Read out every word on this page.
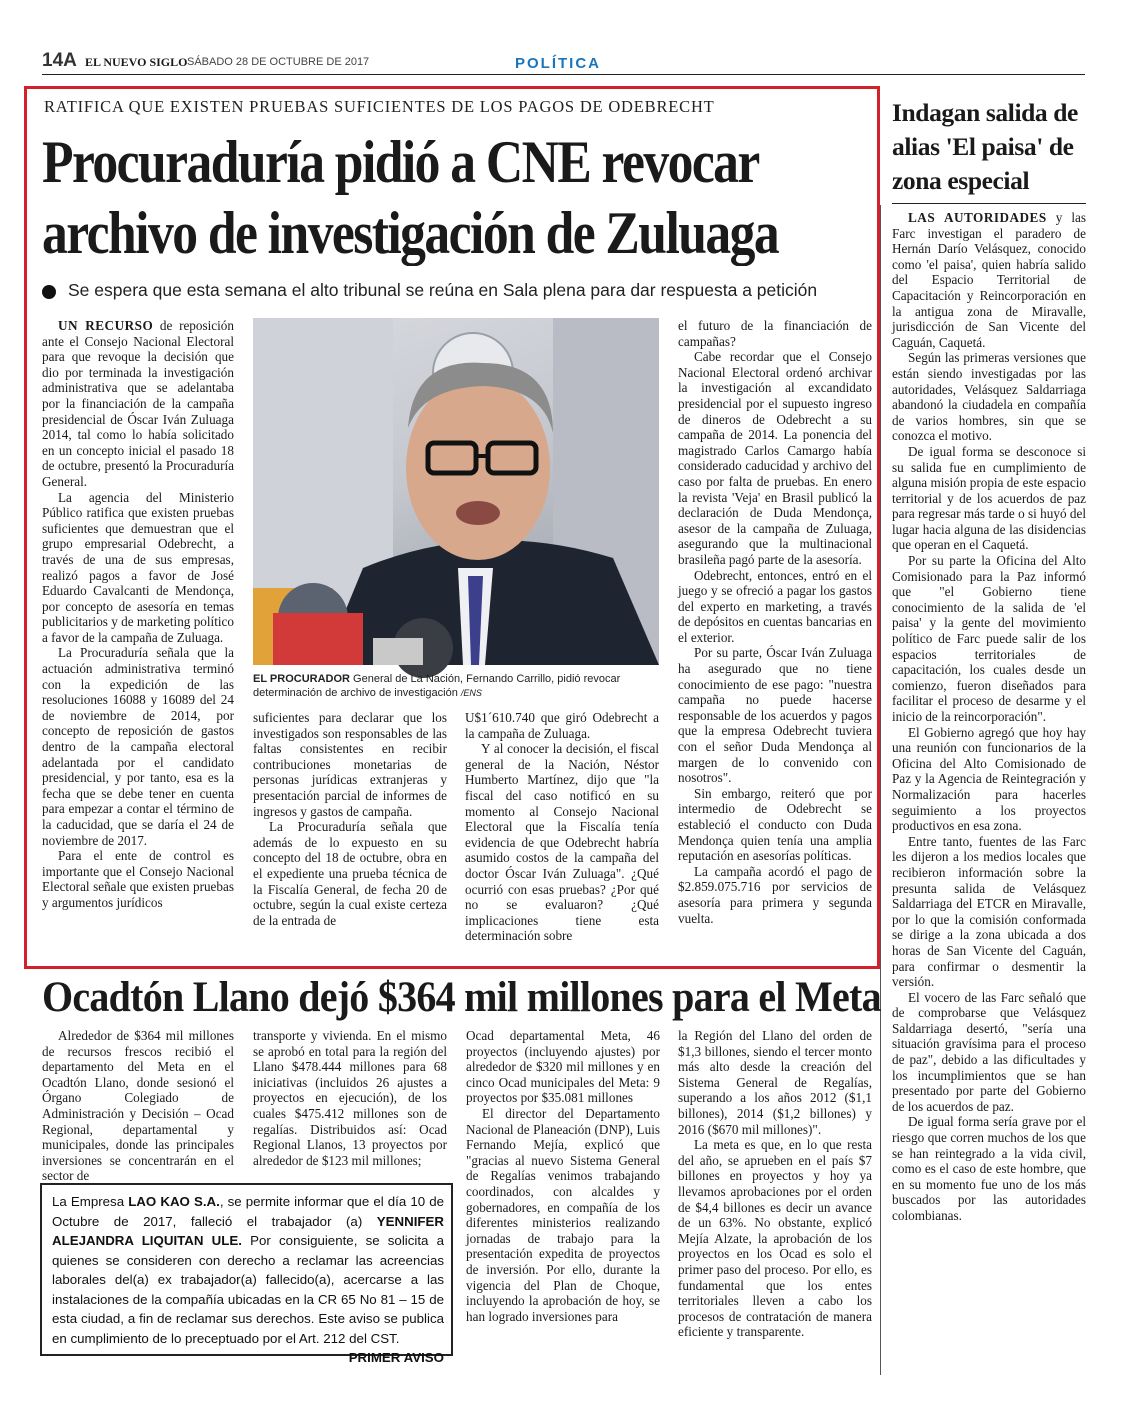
14A EL NUEVO SIGLO SÁBADO 28 DE OCTUBRE DE 2017	POLÍTICA
RATIFICA QUE EXISTEN PRUEBAS SUFICIENTES DE LOS PAGOS DE ODEBRECHT
Procuraduría pidió a CNE revocar
archivo de investigación de Zuluaga
Se espera que esta semana el alto tribunal se reúna en Sala plena para dar respuesta a petición
EL PROCURADOR General de La Nación, Fernando Carrillo, pidió revocar determinación de archivo de investigación /ENS

UN RECURSO de reposición ante el Consejo Nacional Electoral para que revoque la decisión que dio por terminada la investigación administrativa que se adelantaba por la financiación de la campaña presidencial de Óscar Iván Zuluaga 2014, tal como lo había solicitado en un concepto inicial el pasado 18 de octubre, presentó la Procuraduría General.

La agencia del Ministerio Público ratifica que existen pruebas suficientes que demuestran que el grupo empresarial Odebrecht, a través de una de sus empresas, realizó pagos a favor de José Eduardo Cavalcanti de Mendonça, por concepto de asesoría en temas publicitarios y de marketing político a favor de la campaña de Zuluaga.

La Procuraduría señala que la actuación administrativa terminó con la expedición de las resoluciones 16088 y 16089 del 24 de noviembre de 2014, por concepto de reposición de gastos dentro de la campaña electoral adelantada por el candidato presidencial, y por tanto, esa es la fecha que se debe tener en cuenta para empezar a contar el término de la caducidad, que se daría el 24 de noviembre de 2017.

Para el ente de control es importante que el Consejo Nacional Electoral señale que existen pruebas y argumentos jurídicos

suficientes para declarar que los investigados son responsables de las faltas consistentes en recibir contribuciones monetarias de personas jurídicas extranjeras y presentación parcial de informes de ingresos y gastos de campaña.

La Procuraduría señala que además de lo expuesto en su concepto del 18 de octubre, obra en el expediente una prueba técnica de la Fiscalía General, de fecha 20 de octubre, según la cual existe certeza de la entrada de

U$1´610.740 que giró Odebrecht a la campaña de Zuluaga.

Y al conocer la decisión, el fiscal general de la Nación, Néstor Humberto Martínez, dijo que "la fiscal del caso notificó en su momento al Consejo Nacional Electoral que la Fiscalía tenía evidencia de que Odebrecht habría asumido costos de la campaña del doctor Óscar Iván Zuluaga". ¿Qué ocurrió con esas pruebas? ¿Por qué no se evaluaron? ¿Qué implicaciones tiene esta determinación sobre

el futuro de la financiación de campañas?

Cabe recordar que el Consejo Nacional Electoral ordenó archivar la investigación al excandidato presidencial por el supuesto ingreso de dineros de Odebrecht a su campaña de 2014. La ponencia del magistrado Carlos Camargo había considerado caducidad y archivo del caso por falta de pruebas. En enero la revista 'Veja' en Brasil publicó la declaración de Duda Mendonça, asesor de la campaña de Zuluaga, asegurando que la multinacional brasileña pagó parte de la asesoría.

Odebrecht, entonces, entró en el juego y se ofreció a pagar los gastos del experto en marketing, a través de depósitos en cuentas bancarias en el exterior.

Por su parte, Óscar Iván Zuluaga ha asegurado que no tiene conocimiento de ese pago: "nuestra campaña no puede hacerse responsable de los acuerdos y pagos que la empresa Odebrecht tuviera con el señor Duda Mendonça al margen de lo convenido con nosotros".

Sin embargo, reiteró que por intermedio de Odebrecht se estableció el conducto con Duda Mendonça quien tenía una amplia reputación en asesorías políticas.

La campaña acordó el pago de $2.859.075.716 por servicios de asesoría para primera y segunda vuelta.

Indagan salida de alias 'El paisa' de zona especial

LAS AUTORIDADES y las Farc investigan el paradero de Hernán Darío Velásquez, conocido como 'el paisa', quien habría salido del Espacio Territorial de Capacitación y Reincorporación en la antigua zona de Miravalle, jurisdicción de San Vicente del Caguán, Caquetá.

Según las primeras versiones que están siendo investigadas por las autoridades, Velásquez Saldarriaga abandonó la ciudadela en compañía de varios hombres, sin que se conozca el motivo.

De igual forma se desconoce si su salida fue en cumplimiento de alguna misión propia de este espacio territorial y de los acuerdos de paz para regresar más tarde o si huyó del lugar hacia alguna de las disidencias que operan en el Caquetá.

Por su parte la Oficina del Alto Comisionado para la Paz informó que "el Gobierno tiene conocimiento de la salida de 'el paisa' y la gente del movimiento político de Farc puede salir de los espacios territoriales de capacitación, los cuales desde un comienzo, fueron diseñados para facilitar el proceso de desarme y el inicio de la reincorporación".

El Gobierno agregó que hoy hay una reunión con funcionarios de la Oficina del Alto Comisionado de Paz y la Agencia de Reintegración y Normalización para hacerles seguimiento a los proyectos productivos en esa zona.

Entre tanto, fuentes de las Farc les dijeron a los medios locales que recibieron información sobre la presunta salida de Velásquez Saldarriaga del ETCR en Miravalle, por lo que la comisión conformada se dirige a la zona ubicada a dos horas de San Vicente del Caguán, para confirmar o desmentir la versión.

El vocero de las Farc señaló que de comprobarse que Velásquez Saldarriaga desertó, "sería una situación gravísima para el proceso de paz", debido a las dificultades y los incumplimientos que se han presentado por parte del Gobierno de los acuerdos de paz.

De igual forma sería grave por el riesgo que corren muchos de los que se han reintegrado a la vida civil, como es el caso de este hombre, que en su momento fue uno de los más buscados por las autoridades colombianas.

Ocadtón Llano dejó $364 mil millones para el Meta

Alrededor de $364 mil millones de recursos frescos recibió el departamento del Meta en el Ocadtón Llano, donde sesionó el Órgano Colegiado de Administración y Decisión – Ocad Regional, departamental y municipales, donde las principales inversiones se concentrarán en el sector de

transporte y vivienda. En el mismo se aprobó en total para la región del Llano $478.444 millones para 68 iniciativas (incluidos 26 ajustes a proyectos en ejecución), de los cuales $475.412 millones son de regalías. Distribuidos así: Ocad Regional Llanos, 13 proyectos por alrededor de $123 mil millones;

Ocad departamental Meta, 46 proyectos (incluyendo ajustes) por alrededor de $320 mil millones y en cinco Ocad municipales del Meta: 9 proyectos por $35.081 millones

El director del Departamento Nacional de Planeación (DNP), Luis Fernando Mejía, explicó que "gracias al nuevo Sistema General de Regalías venimos trabajando coordinados, con alcaldes y gobernadores, en compañía de los diferentes ministerios realizando jornadas de trabajo para la presentación expedita de proyectos de inversión. Por ello, durante la vigencia del Plan de Choque, incluyendo la aprobación de hoy, se han logrado inversiones para

la Región del Llano del orden de $1,3 billones, siendo el tercer monto más alto desde la creación del Sistema General de Regalías, superando a los años 2012 ($1,1 billones), 2014 ($1,2 billones) y 2016 ($670 mil millones)".

La meta es que, en lo que resta del año, se aprueben en el país $7 billones en proyectos y hoy ya llevamos aprobaciones por el orden de $4,4 billones es decir un avance de un 63%. No obstante, explicó Mejía Alzate, la aprobación de los proyectos en los Ocad es solo el primer paso del proceso. Por ello, es fundamental que los entes territoriales lleven a cabo los procesos de contratación de manera eficiente y transparente.

La Empresa LAO KAO S.A., se permite informar que el día 10 de Octubre de 2017, falleció el trabajador (a) YENNIFER ALEJANDRA LIQUITAN ULE. Por consiguiente, se solicita a quienes se consideren con derecho a reclamar las acreencias laborales del(a) ex trabajador(a) fallecido(a), acercarse a las instalaciones de la compañía ubicadas en la CR 65 No 81 – 15 de esta ciudad, a fin de reclamar sus derechos. Este aviso se publica en cumplimiento de lo preceptuado por el Art. 212 del CST.
PRIMER AVISO
